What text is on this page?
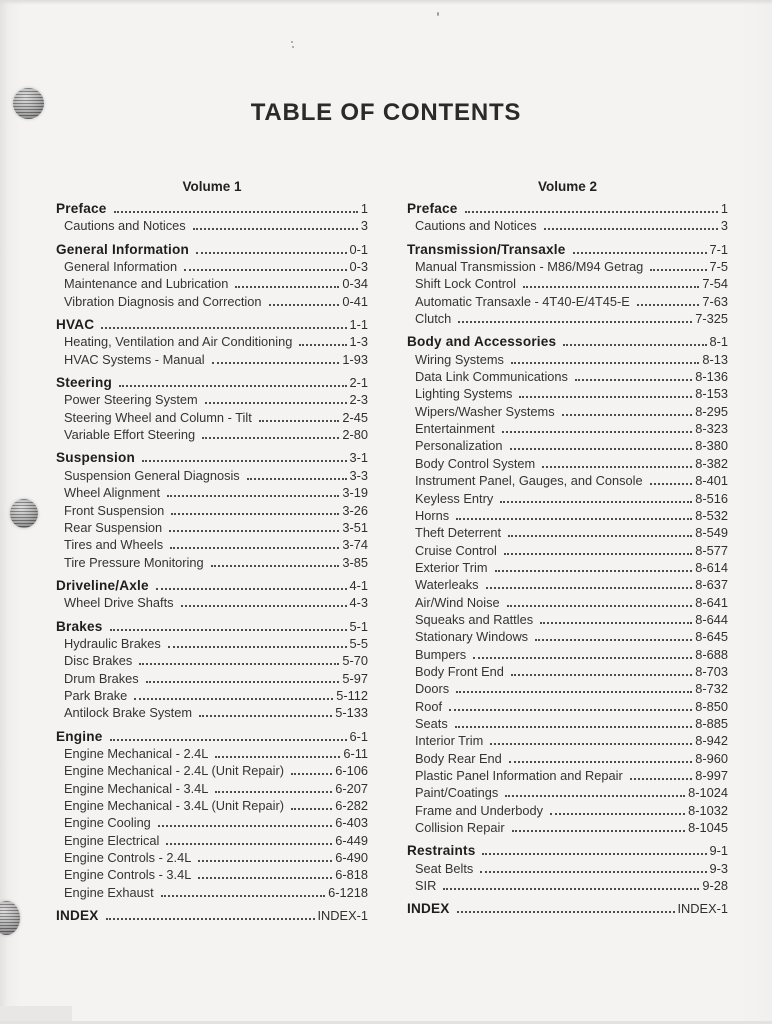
TABLE OF CONTENTS
Volume 1	Volume 2
Preface	1
Cautions and Notices	3
General Information	0-1
General Information	0-3
Maintenance and Lubrication	0-34
Vibration Diagnosis and Correction	0-41
HVAC	1-1
Heating, Ventilation and Air Conditioning	1-3
HVAC Systems - Manual	1-93
Steering	2-1
Power Steering System	2-3
Steering Wheel and Column - Tilt	2-45
Variable Effort Steering	2-80
Suspension	3-1
Suspension General Diagnosis	3-3
Wheel Alignment	3-19
Front Suspension	3-26
Rear Suspension	3-51
Tires and Wheels	3-74
Tire Pressure Monitoring	3-85
Driveline/Axle	4-1
Wheel Drive Shafts	4-3
Brakes	5-1
Hydraulic Brakes	5-5
Disc Brakes	5-70
Drum Brakes	5-97
Park Brake	5-112
Antilock Brake System	5-133
Engine	6-1
Engine Mechanical - 2.4L	6-11
Engine Mechanical - 2.4L (Unit Repair)	6-106
Engine Mechanical - 3.4L	6-207
Engine Mechanical - 3.4L (Unit Repair)	6-282
Engine Cooling	6-403
Engine Electrical	6-449
Engine Controls - 2.4L	6-490
Engine Controls - 3.4L	6-818
Engine Exhaust	6-1218
INDEX	INDEX-1
Preface	1
Cautions and Notices	3
Transmission/Transaxle	7-1
Manual Transmission - M86/M94 Getrag	7-5
Shift Lock Control	7-54
Automatic Transaxle - 4T40-E/4T45-E	7-63
Clutch	7-325
Body and Accessories	8-1
Wiring Systems	8-13
Data Link Communications	8-136
Lighting Systems	8-153
Wipers/Washer Systems	8-295
Entertainment	8-323
Personalization	8-380
Body Control System	8-382
Instrument Panel, Gauges, and Console	8-401
Keyless Entry	8-516
Horns	8-532
Theft Deterrent	8-549
Cruise Control	8-577
Exterior Trim	8-614
Waterleaks	8-637
Air/Wind Noise	8-641
Squeaks and Rattles	8-644
Stationary Windows	8-645
Bumpers	8-688
Body Front End	8-703
Doors	8-732
Roof	8-850
Seats	8-885
Interior Trim	8-942
Body Rear End	8-960
Plastic Panel Information and Repair	8-997
Paint/Coatings	8-1024
Frame and Underbody	8-1032
Collision Repair	8-1045
Restraints	9-1
Seat Belts	9-3
SIR	9-28
INDEX	INDEX-1
